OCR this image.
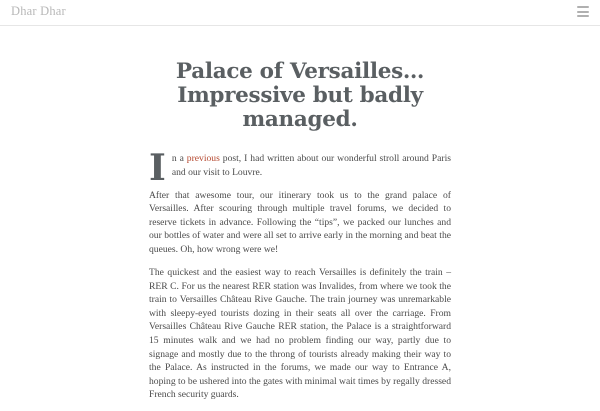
Dhar Dhar
Palace of Versailles… Impressive but badly managed.

In a previous post, I had written about our wonderful stroll around Paris and our visit to Louvre.

After that awesome tour, our itinerary took us to the grand palace of Versailles. After scouring through multiple travel forums, we decided to reserve tickets in advance. Following the “tips”, we packed our lunches and our bottles of water and were all set to arrive early in the morning and beat the queues. Oh, how wrong were we!

The quickest and the easiest way to reach Versailles is definitely the train – RER C. For us the nearest RER station was Invalides, from where we took the train to Versailles Château Rive Gauche. The train journey was unremarkable with sleepy-eyed tourists dozing in their seats all over the carriage. From Versailles Château Rive Gauche RER station, the Palace is a straightforward 15 minutes walk and we had no problem finding our way, partly due to signage and mostly due to the throng of tourists already making their way to the Palace. As instructed in the forums, we made our way to Entrance A, hoping to be ushered into the gates with minimal wait times by regally dressed French security guards.
